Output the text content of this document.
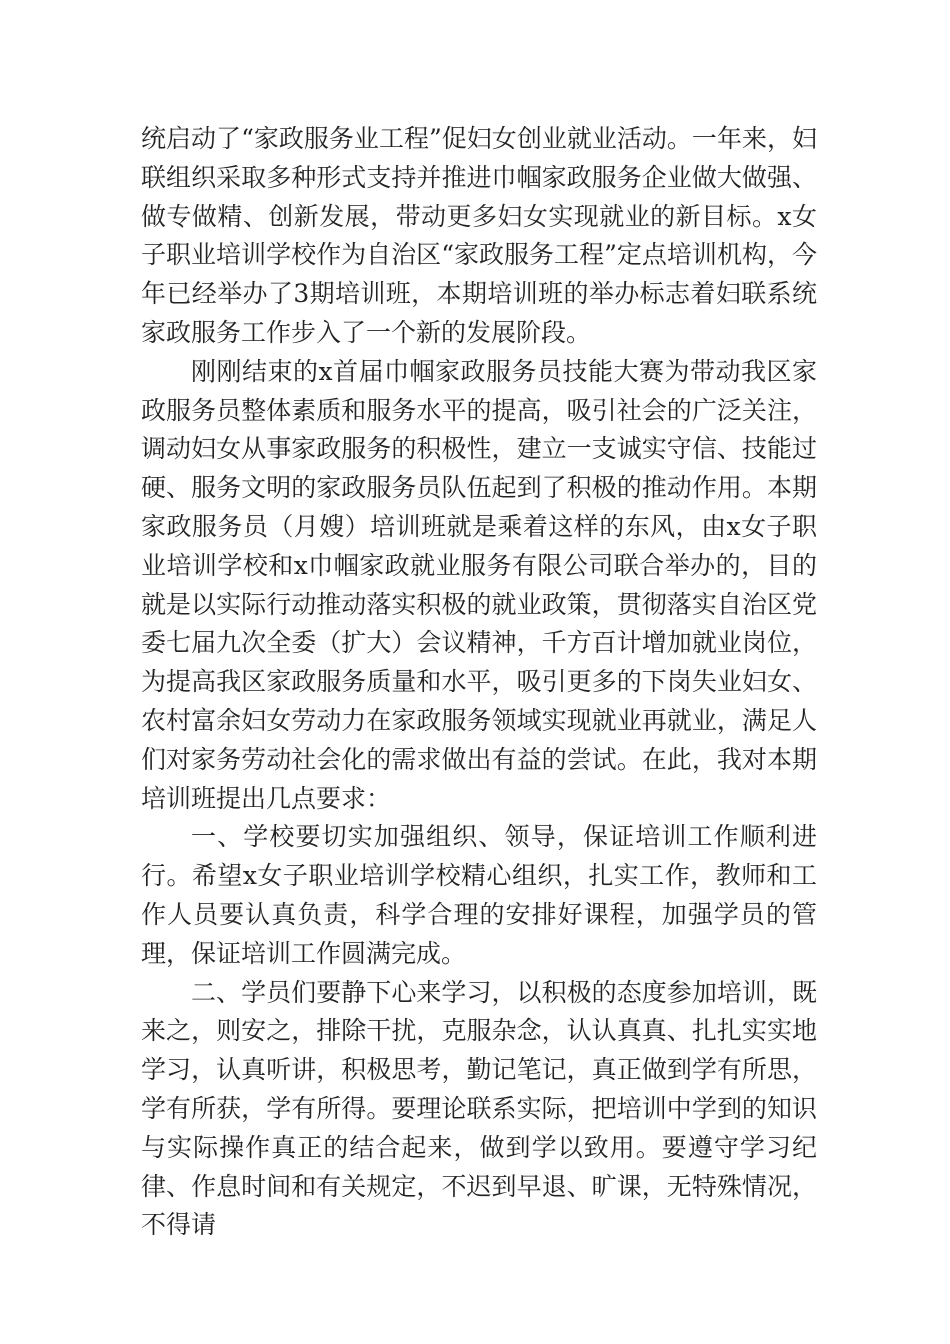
统启动了“家政服务业工程”促妇女创业就业活动。一年来，妇联组织采取多种形式支持并推进巾帼家政服务企业做大做强、做专做精、创新发展，带动更多妇女实现就业的新目标。x女子职业培训学校作为自治区“家政服务工程”定点培训机构，今年已经举办了3期培训班，本期培训班的举办标志着妇联系统家政服务工作步入了一个新的发展阶段。

刚刚结束的x首届巾帼家政服务员技能大赛为带动我区家政服务员整体素质和服务水平的提高，吸引社会的广泛关注，调动妇女从事家政服务的积极性，建立一支诚实守信、技能过硬、服务文明的家政服务员队伍起到了积极的推动作用。本期家政服务员（月嫂）培训班就是乘着这样的东风，由x女子职业培训学校和x巾帼家政就业服务有限公司联合举办的，目的就是以实际行动推动落实积极的就业政策，贯彻落实自治区党委七届九次全委（扩大）会议精神，千方百计增加就业岗位，为提高我区家政服务质量和水平，吸引更多的下岗失业妇女、农村富余妇女劳动力在家政服务领域实现就业再就业，满足人们对家务劳动社会化的需求做出有益的尝试。在此，我对本期培训班提出几点要求：

一、学校要切实加强组织、领导，保证培训工作顺利进行。希望x女子职业培训学校精心组织，扎实工作，教师和工作人员要认真负责，科学合理的安排好课程，加强学员的管理，保证培训工作圆满完成。

二、学员们要静下心来学习，以积极的态度参加培训，既来之，则安之，排除干扰，克服杂念，认认真真、扎扎实实地学习，认真听讲，积极思考，勤记笔记，真正做到学有所思，学有所获，学有所得。要理论联系实际，把培训中学到的知识与实际操作真正的结合起来，做到学以致用。要遵守学习纪律、作息时间和有关规定，不迟到早退、旷课，无特殊情况，不得请
